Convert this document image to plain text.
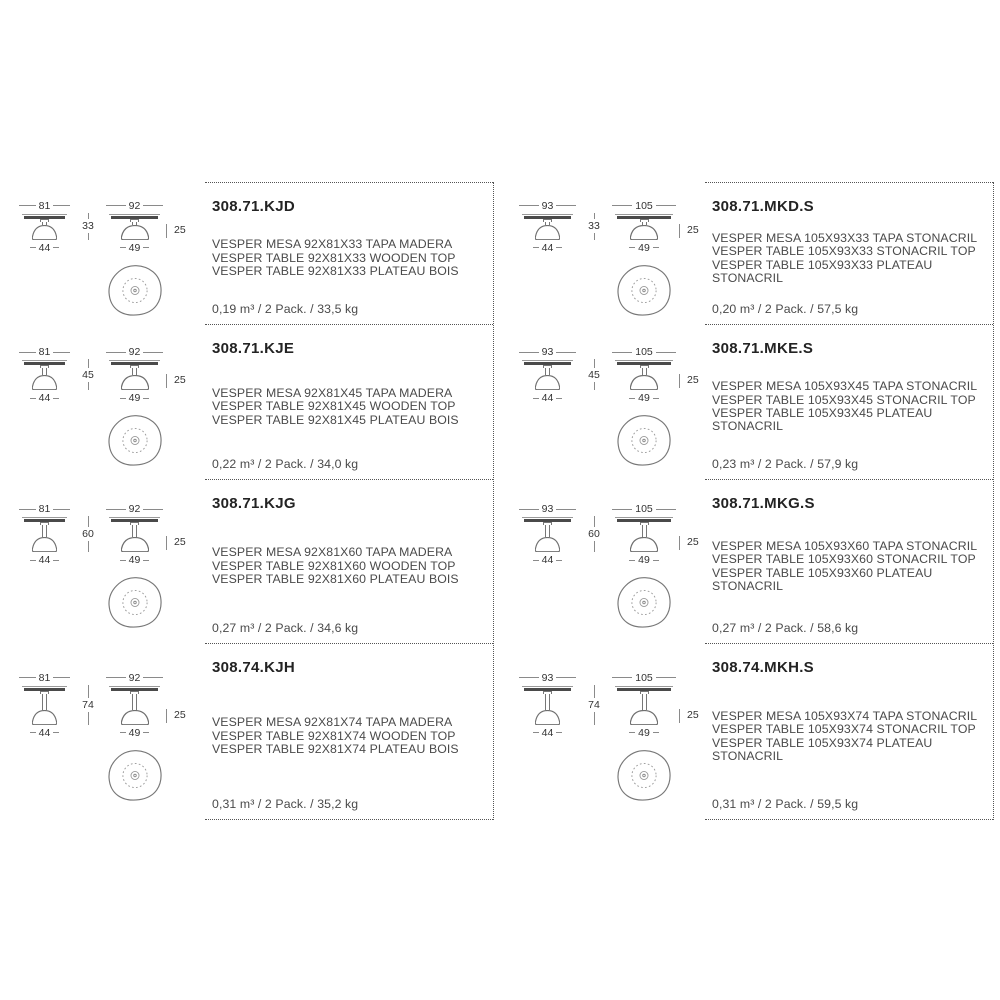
81
44
33
92
49
25
308.71.KJD
VESPER MESA 92X81X33 TAPA MADERA
VESPER TABLE 92X81X33 WOODEN TOP
VESPER TABLE 92X81X33 PLATEAU BOIS
0,19 m³ / 2 Pack. / 33,5 kg
81
44
45
92
49
25
308.71.KJE
VESPER MESA 92X81X45 TAPA MADERA
VESPER TABLE 92X81X45 WOODEN TOP
VESPER TABLE 92X81X45 PLATEAU BOIS
0,22 m³ / 2 Pack. / 34,0 kg
81
44
60
92
49
25
308.71.KJG
VESPER MESA 92X81X60 TAPA MADERA
VESPER TABLE 92X81X60 WOODEN TOP
VESPER TABLE 92X81X60 PLATEAU BOIS
0,27 m³ / 2 Pack. / 34,6 kg
81
44
74
92
49
25
308.74.KJH
VESPER MESA 92X81X74 TAPA MADERA
VESPER TABLE 92X81X74 WOODEN TOP
VESPER TABLE 92X81X74 PLATEAU BOIS
0,31 m³ / 2 Pack. / 35,2 kg
93
44
33
105
49
25
308.71.MKD.S
VESPER MESA 105X93X33 TAPA STONACRIL
VESPER TABLE 105X93X33 STONACRIL TOP
VESPER TABLE 105X93X33 PLATEAU STONACRIL
0,20 m³ / 2 Pack. / 57,5 kg
93
44
45
105
49
25
308.71.MKE.S
VESPER MESA 105X93X45 TAPA STONACRIL
VESPER TABLE 105X93X45 STONACRIL TOP
VESPER TABLE 105X93X45 PLATEAU STONACRIL
0,23 m³ / 2 Pack. / 57,9 kg
93
44
60
105
49
25
308.71.MKG.S
VESPER MESA 105X93X60 TAPA STONACRIL
VESPER TABLE 105X93X60 STONACRIL TOP
VESPER TABLE 105X93X60 PLATEAU STONACRIL
0,27 m³ / 2 Pack. / 58,6 kg
93
44
74
105
49
25
308.74.MKH.S
VESPER MESA 105X93X74 TAPA STONACRIL
VESPER TABLE 105X93X74 STONACRIL TOP
VESPER TABLE 105X93X74 PLATEAU STONACRIL
0,31 m³ / 2 Pack. / 59,5 kg
